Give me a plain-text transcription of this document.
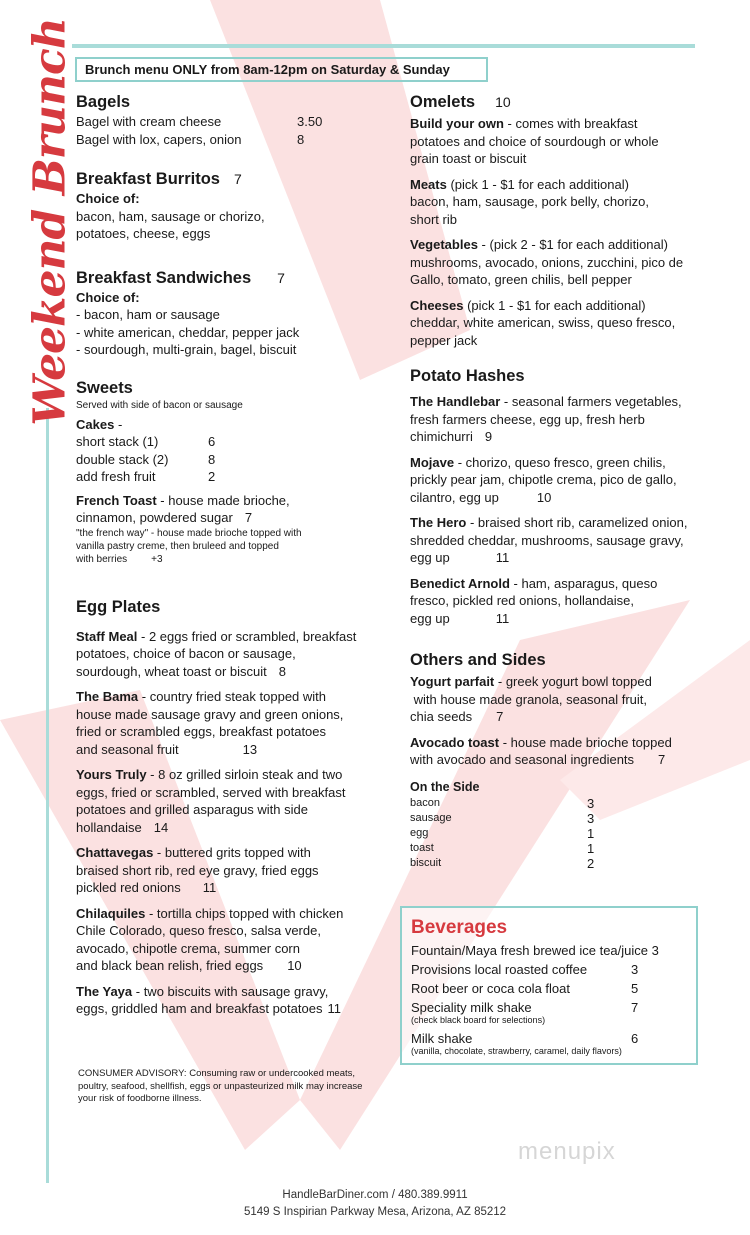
Weekend Brunch Brunch menu ONLY from 8am-12pm on Saturday & Sunday
Bagels
Bagel with cream cheese	3.50
Bagel with lox, capers, onion	8
Breakfast Burritos 7
Choice of:
bacon, ham, sausage or chorizo,
potatoes, cheese, eggs
Breakfast Sandwiches 7
Choice of:
- bacon, ham or sausage
- white american, cheddar, pepper jack
- sourdough, multi-grain, bagel, biscuit
Sweets
Served with side of bacon or sausage
Cakes -
short stack (1)	6
double stack (2)	8
add fresh fruit	2
French Toast - house made brioche,
cinnamon, powdered sugar 7
"the french way" - house made brioche topped with
vanilla pastry creme, then bruleed and topped
with berries +3
Egg Plates
Staff Meal - 2 eggs fried or scrambled, breakfast
potatoes, choice of bacon or sausage,
sourdough, wheat toast or biscuit 8
The Bama - country fried steak topped with
house made sausage gravy and green onions,
fried or scrambled eggs, breakfast potatoes
and seasonal fruit	13
Yours Truly - 8 oz grilled sirloin steak and two
eggs, fried or scrambled, served with breakfast
potatoes and grilled asparagus with side
hollandaise 14
Chattavegas - buttered grits topped with
braised short rib, red eye gravy, fried eggs
pickled red onions 11
Chilaquiles - tortilla chips topped with chicken
Chile Colorado, queso fresco, salsa verde,
avocado, chipotle crema, summer corn
and black bean relish, fried eggs 10
The Yaya - two biscuits with sausage gravy,
eggs, griddled ham and breakfast potatoes 11
CONSUMER ADVISORY: Consuming raw or undercooked meats, poultry, seafood, shellfish, eggs or unpasteurized milk may increase your risk of foodborne illness.
Omelets 10
Build your own - comes with breakfast
potatoes and choice of sourdough or whole
grain toast or biscuit
Meats (pick 1 - $1 for each additional)
bacon, ham, sausage, pork belly, chorizo,
short rib
Vegetables - (pick 2 - $1 for each additional)
mushrooms, avocado, onions, zucchini, pico de
Gallo, tomato, green chilis, bell pepper
Cheeses (pick 1 - $1 for each additional)
cheddar, white american, swiss, queso fresco,
pepper jack
Potato Hashes
The Handlebar - seasonal farmers vegetables,
fresh farmers cheese, egg up, fresh herb
chimichurri 9
Mojave - chorizo, queso fresco, green chilis,
prickly pear jam, chipotle crema, pico de gallo,
cilantro, egg up	10
The Hero - braised short rib, caramelized onion,
shredded cheddar, mushrooms, sausage gravy,
egg up	11
Benedict Arnold - ham, asparagus, queso
fresco, pickled red onions, hollandaise,
egg up	11
Others and Sides
Yogurt parfait - greek yogurt bowl topped
with house made granola, seasonal fruit,
chia seeds 7
Avocado toast - house made brioche topped
with avocado and seasonal ingredients 7
On the Side
bacon	3
sausage	3
egg	1
toast	1
biscuit	2
Beverages
Fountain/Maya fresh brewed ice tea/juice 3
Provisions local roasted coffee	3
Root beer or coca cola float	5
Speciality milk shake	7
(check black board for selections)
Milk shake	6
(vanilla, chocolate, strawberry, caramel, daily flavors)
menupix
HandleBarDiner.com / 480.389.9911
5149 S Inspirian Parkway Mesa, Arizona, AZ 85212
